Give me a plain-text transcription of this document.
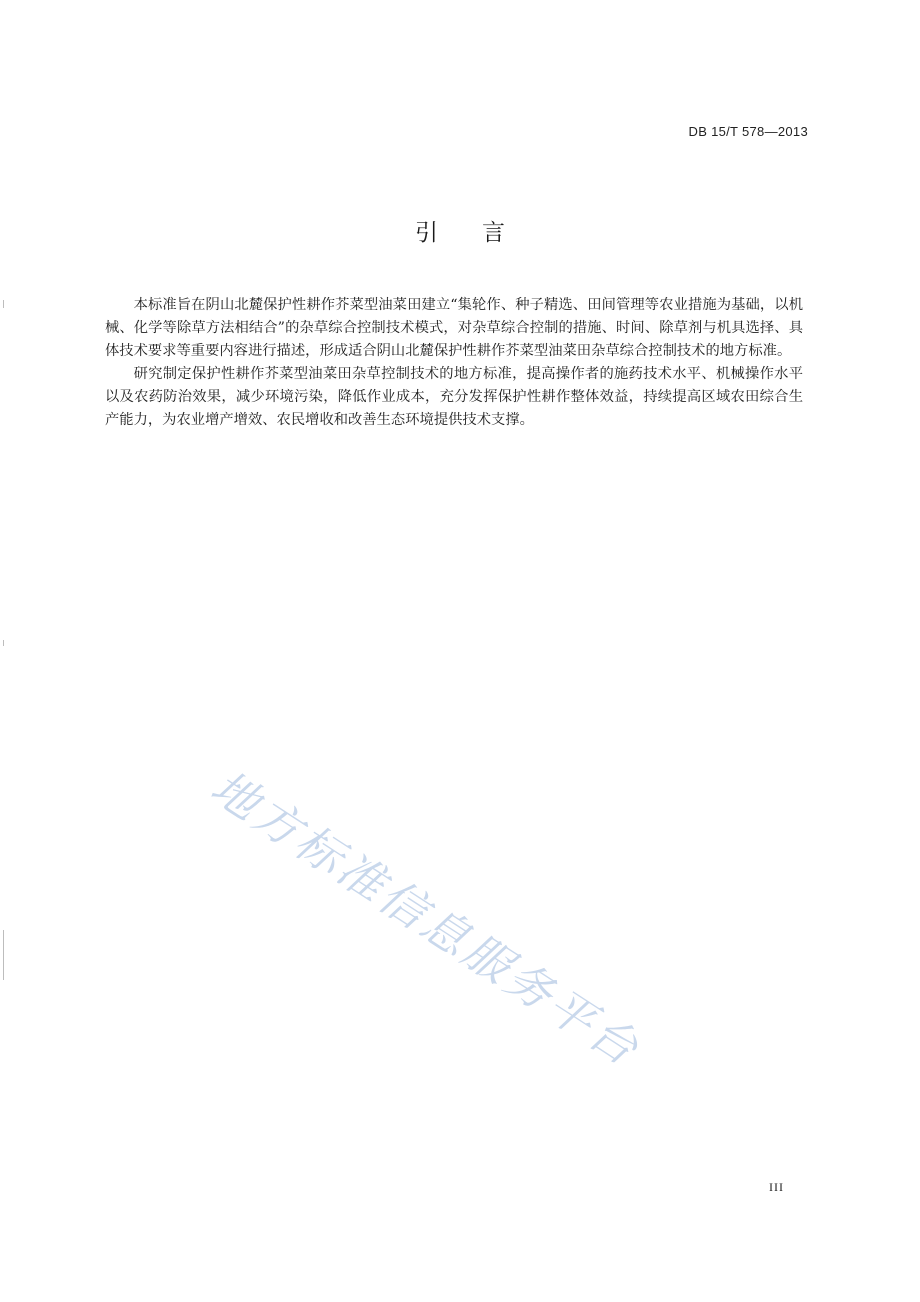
DB 15/T 578—2013
引言

本标准旨在阴山北麓保护性耕作芥菜型油菜田建立“集轮作、种子精选、田间管理等农业措施为基础，以机械、化学等除草方法相结合”的杂草综合控制技术模式，对杂草综合控制的措施、时间、除草剂与机具选择、具体技术要求等重要内容进行描述，形成适合阴山北麓保护性耕作芥菜型油菜田杂草综合控制技术的地方标准。

研究制定保护性耕作芥菜型油菜田杂草控制技术的地方标准，提高操作者的施药技术水平、机械操作水平以及农药防治效果，减少环境污染，降低作业成本，充分发挥保护性耕作整体效益，持续提高区域农田综合生产能力，为农业增产增效、农民增收和改善生态环境提供技术支撑。

地方标准信息服务平台
III
